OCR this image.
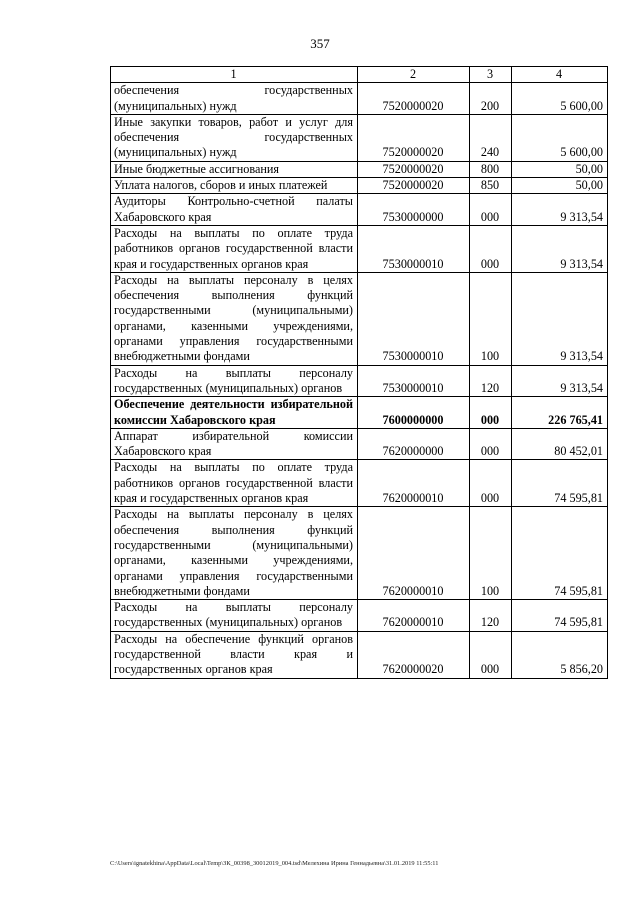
357
1	2	3	4
обеспечения государственных (муниципальных) нужд	7520000020	200	5 600,00
Иные закупки товаров, работ и услуг для обеспечения государственных (муниципальных) нужд	7520000020	240	5 600,00
Иные бюджетные ассигнования	7520000020	800	50,00
Уплата налогов, сборов и иных платежей	7520000020	850	50,00
Аудиторы Контрольно-счетной палаты Хабаровского края	7530000000	000	9 313,54
Расходы на выплаты по оплате труда работников органов государственной власти края и государственных органов края	7530000010	000	9 313,54
Расходы на выплаты персоналу в целях обеспечения выполнения функций государственными (муниципальными) органами, казенными учреждениями, органами управления государственными внебюджетными фондами	7530000010	100	9 313,54
Расходы на выплаты персоналу государственных (муниципальных) органов	7530000010	120	9 313,54
Обеспечение деятельности избирательной комиссии Хабаровского края	7600000000	000	226 765,41
Аппарат избирательной комиссии Хабаровского края	7620000000	000	80 452,01
Расходы на выплаты по оплате труда работников органов государственной власти края и государственных органов края	7620000010	000	74 595,81
Расходы на выплаты персоналу в целях обеспечения выполнения функций государственными (муниципальными) органами, казенными учреждениями, органами управления государственными внебюджетными фондами	7620000010	100	74 595,81
Расходы на выплаты персоналу государственных (муниципальных) органов	7620000010	120	74 595,81
Расходы на обеспечение функций органов государственной власти края и государственных органов края	7620000020	000	5 856,20
C:\Users\ignatekhina\AppData\Local\Temp\ЗК_00398_30012019_004.tsd\Мелехина Ирина Геннадьевна\31.01.2019 11:55:11
